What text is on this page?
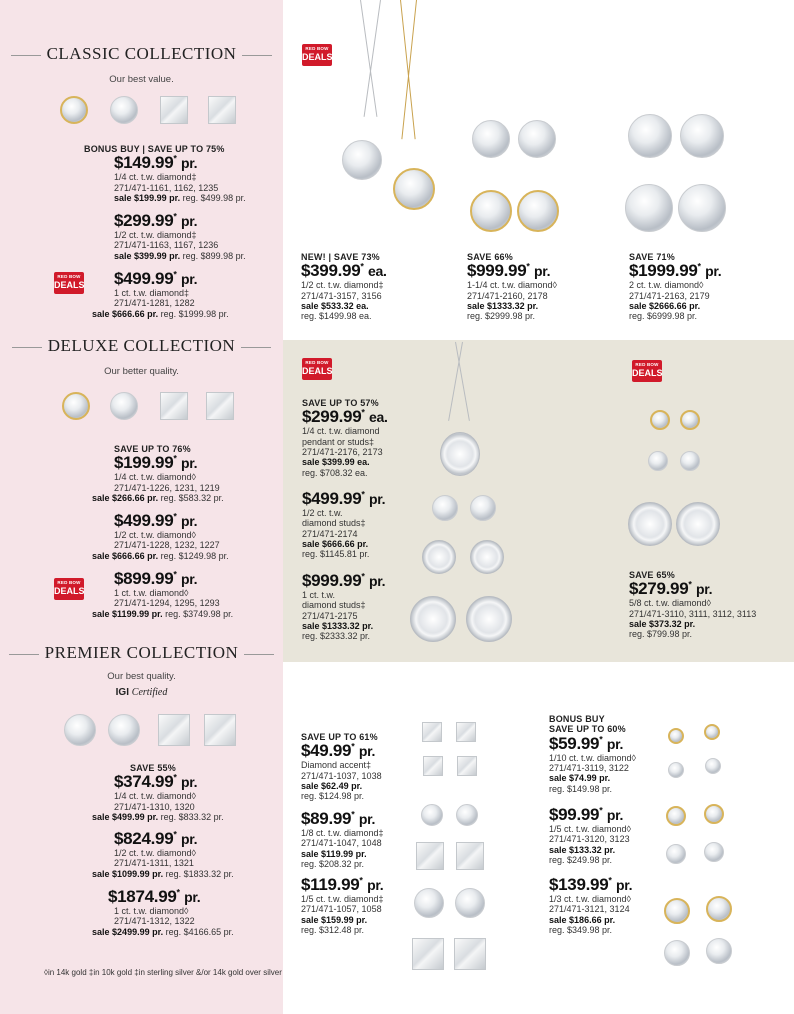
CLASSIC COLLECTION
Our best value.
BONUS BUY | SAVE UP TO 75%
$149.99* pr.
1/4 ct. t.w. diamond‡
271/471-1161, 1162, 1235
sale $199.99 pr. reg. $499.98 pr.
$299.99* pr.
1/2 ct. t.w. diamond‡
271/471-1163, 1167, 1236
sale $399.99 pr. reg. $899.98 pr.
RED BOW
DEALS $499.99* pr.
1 ct. t.w. diamond‡
271/471-1281, 1282
sale $666.66 pr. reg. $1999.98 pr.
DELUXE COLLECTION
Our better quality.
SAVE UP TO 76%
$199.99* pr.
1/4 ct. t.w. diamond◊
271/471-1226, 1231, 1219
sale $266.66 pr. reg. $583.32 pr.
$499.99* pr.
1/2 ct. t.w. diamond◊
271/471-1228, 1232, 1227
sale $666.66 pr. reg. $1249.98 pr.
RED BOW
DEALS
$899.99* pr.
1 ct. t.w. diamond◊
271/471-1294, 1295, 1293
sale $1199.99 pr. reg. $3749.98 pr.
PREMIER COLLECTION
Our best quality.
IGI Certified
SAVE 55%
$374.99* pr.
1/4 ct. t.w. diamond◊
271/471-1310, 1320
sale $499.99 pr. reg. $833.32 pr.
$824.99* pr.
1/2 ct. t.w. diamond◊
271/471-1311, 1321
sale $1099.99 pr. reg. $1833.32 pr.
$1874.99* pr.
1 ct. t.w. diamond◊
271/471-1312, 1322
sale $2499.99 pr. reg. $4166.65 pr.
◊in 14k gold ‡in 10k gold ‡in sterling silver &/or 14k gold over silver
RED BOW
DEALS
NEW! | SAVE 73%
$399.99* ea.
1/2 ct. t.w. diamond‡
271/471-3157, 3156
sale $533.32 ea.
reg. $1499.98 ea.
SAVE 66%
$999.99* pr.
1-1/4 ct. t.w. diamond◊
271/471-2160, 2178
sale $1333.32 pr.
reg. $2999.98 pr.
SAVE 71%
$1999.99* pr.
2 ct. t.w. diamond◊
271/471-2163, 2179
sale $2666.66 pr.
reg. $6999.98 pr.
RED BOW
DEALS
RED BOW
DEALS
SAVE UP TO 57%
$299.99* ea.
1/4 ct. t.w. diamond
pendant or studs‡
271/471-2176, 2173
sale $399.99 ea.
reg. $708.32 ea.
$499.99* pr.
1/2 ct. t.w.
diamond studs‡
271/471-2174
sale $666.66 pr.
reg. $1145.81 pr.
$999.99* pr.
1 ct. t.w.
diamond studs‡
271/471-2175
sale $1333.32 pr.
reg. $2333.32 pr.
SAVE 65%
$279.99* pr.
5/8 ct. t.w. diamond◊
271/471-3110, 3111, 3112, 3113
sale $373.32 pr.
reg. $799.98 pr.
SAVE UP TO 61%
$49.99* pr.
Diamond accent‡
271/471-1037, 1038
sale $62.49 pr.
reg. $124.98 pr.
$89.99* pr.
1/8 ct. t.w. diamond‡
271/471-1047, 1048
sale $119.99 pr.
reg. $208.32 pr.
$119.99* pr.
1/5 ct. t.w. diamond‡
271/471-1057, 1058
sale $159.99 pr.
reg. $312.48 pr.
BONUS BUY
SAVE UP TO 60%
$59.99* pr.
1/10 ct. t.w. diamond◊
271/471-3119, 3122
sale $74.99 pr.
reg. $149.98 pr.
$99.99* pr.
1/5 ct. t.w. diamond◊
271/471-3120, 3123
sale $133.32 pr.
reg. $249.98 pr.
$139.99* pr.
1/3 ct. t.w. diamond◊
271/471-3121, 3124
sale $186.66 pr.
reg. $349.98 pr.
